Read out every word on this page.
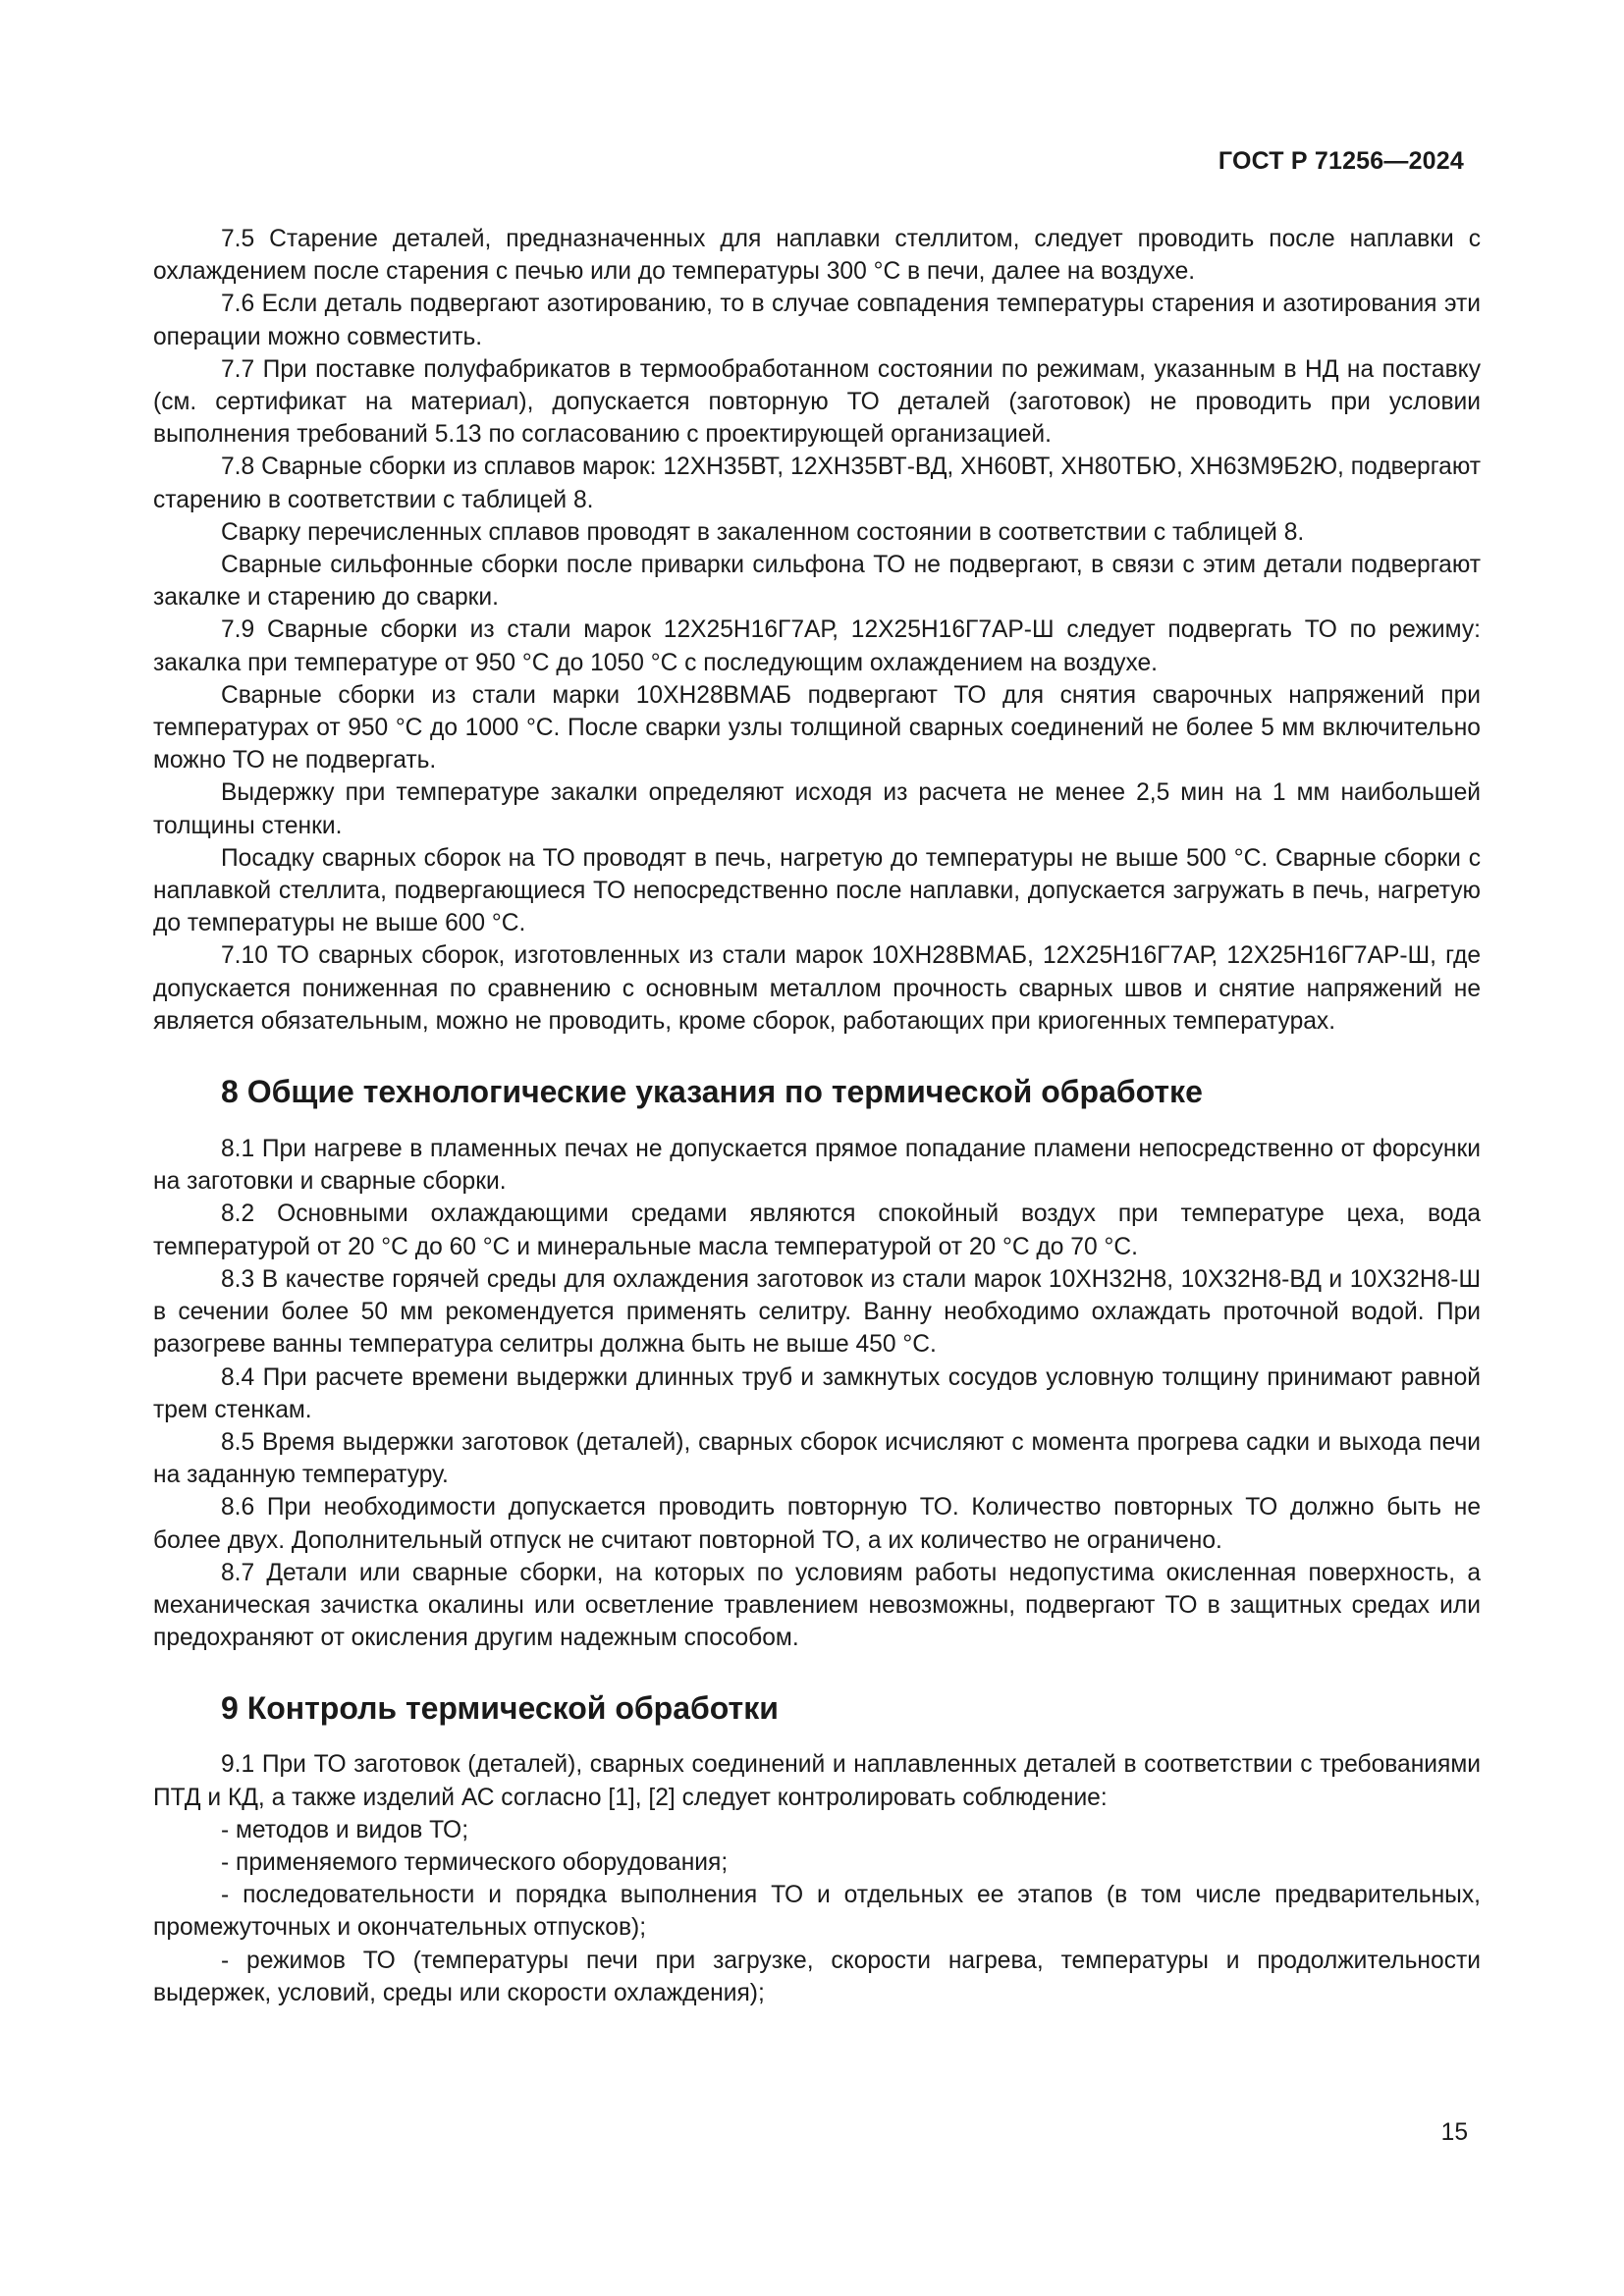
ГОСТ Р 71256—2024

7.5 Старение деталей, предназначенных для наплавки стеллитом, следует проводить после наплавки с охлаждением после старения с печью или до температуры 300 °С в печи, далее на воздухе.

7.6 Если деталь подвергают азотированию, то в случае совпадения температуры старения и азотирования эти операции можно совместить.

7.7 При поставке полуфабрикатов в термообработанном состоянии по режимам, указанным в НД на поставку (см. сертификат на материал), допускается повторную ТО деталей (заготовок) не проводить при условии выполнения требований 5.13 по согласованию с проектирующей организацией.

7.8 Сварные сборки из сплавов марок: 12ХН35ВТ, 12ХН35ВТ-ВД, ХН60ВТ, ХН80ТБЮ, ХН63М9Б2Ю, подвергают старению в соответствии с таблицей 8.

Сварку перечисленных сплавов проводят в закаленном состоянии в соответствии с таблицей 8.

Сварные сильфонные сборки после приварки сильфона ТО не подвергают, в связи с этим детали подвергают закалке и старению до сварки.

7.9 Сварные сборки из стали марок 12Х25Н16Г7АР, 12Х25Н16Г7АР-Ш следует подвергать ТО по режиму: закалка при температуре от 950 °С до 1050 °С с последующим охлаждением на воздухе.

Сварные сборки из стали марки 10ХН28ВМАБ подвергают ТО для снятия сварочных напряжений при температурах от 950 °С до 1000 °С. После сварки узлы толщиной сварных соединений не более 5 мм включительно можно ТО не подвергать.

Выдержку при температуре закалки определяют исходя из расчета не менее 2,5 мин на 1 мм наибольшей толщины стенки.

Посадку сварных сборок на ТО проводят в печь, нагретую до температуры не выше 500 °С. Сварные сборки с наплавкой стеллита, подвергающиеся ТО непосредственно после наплавки, допускается загружать в печь, нагретую до температуры не выше 600 °С.

7.10 ТО сварных сборок, изготовленных из стали марок 10ХН28ВМАБ, 12Х25Н16Г7АР, 12Х25Н16Г7АР-Ш, где допускается пониженная по сравнению с основным металлом прочность сварных швов и снятие напряжений не является обязательным, можно не проводить, кроме сборок, работающих при криогенных температурах.

8 Общие технологические указания по термической обработке

8.1 При нагреве в пламенных печах не допускается прямое попадание пламени непосредственно от форсунки на заготовки и сварные сборки.

8.2 Основными охлаждающими средами являются спокойный воздух при температуре цеха, вода температурой от 20 °С до 60 °С и минеральные масла температурой от 20 °С до 70 °С.

8.3 В качестве горячей среды для охлаждения заготовок из стали марок 10ХН32Н8, 10Х32Н8-ВД и 10Х32Н8-Ш в сечении более 50 мм рекомендуется применять селитру. Ванну необходимо охлаждать проточной водой. При разогреве ванны температура селитры должна быть не выше 450 °С.

8.4 При расчете времени выдержки длинных труб и замкнутых сосудов условную толщину принимают равной трем стенкам.

8.5 Время выдержки заготовок (деталей), сварных сборок исчисляют с момента прогрева садки и выхода печи на заданную температуру.

8.6 При необходимости допускается проводить повторную ТО. Количество повторных ТО должно быть не более двух. Дополнительный отпуск не считают повторной ТО, а их количество не ограничено.

8.7 Детали или сварные сборки, на которых по условиям работы недопустима окисленная поверхность, а механическая зачистка окалины или осветление травлением невозможны, подвергают ТО в защитных средах или предохраняют от окисления другим надежным способом.

9 Контроль термической обработки

9.1 При ТО заготовок (деталей), сварных соединений и наплавленных деталей в соответствии с требованиями ПТД и КД, а также изделий АС согласно [1], [2] следует контролировать соблюдение:

- методов и видов ТО;

- применяемого термического оборудования;

- последовательности и порядка выполнения ТО и отдельных ее этапов (в том числе предварительных, промежуточных и окончательных отпусков);

- режимов ТО (температуры печи при загрузке, скорости нагрева, температуры и продолжительности выдержек, условий, среды или скорости охлаждения);

15
